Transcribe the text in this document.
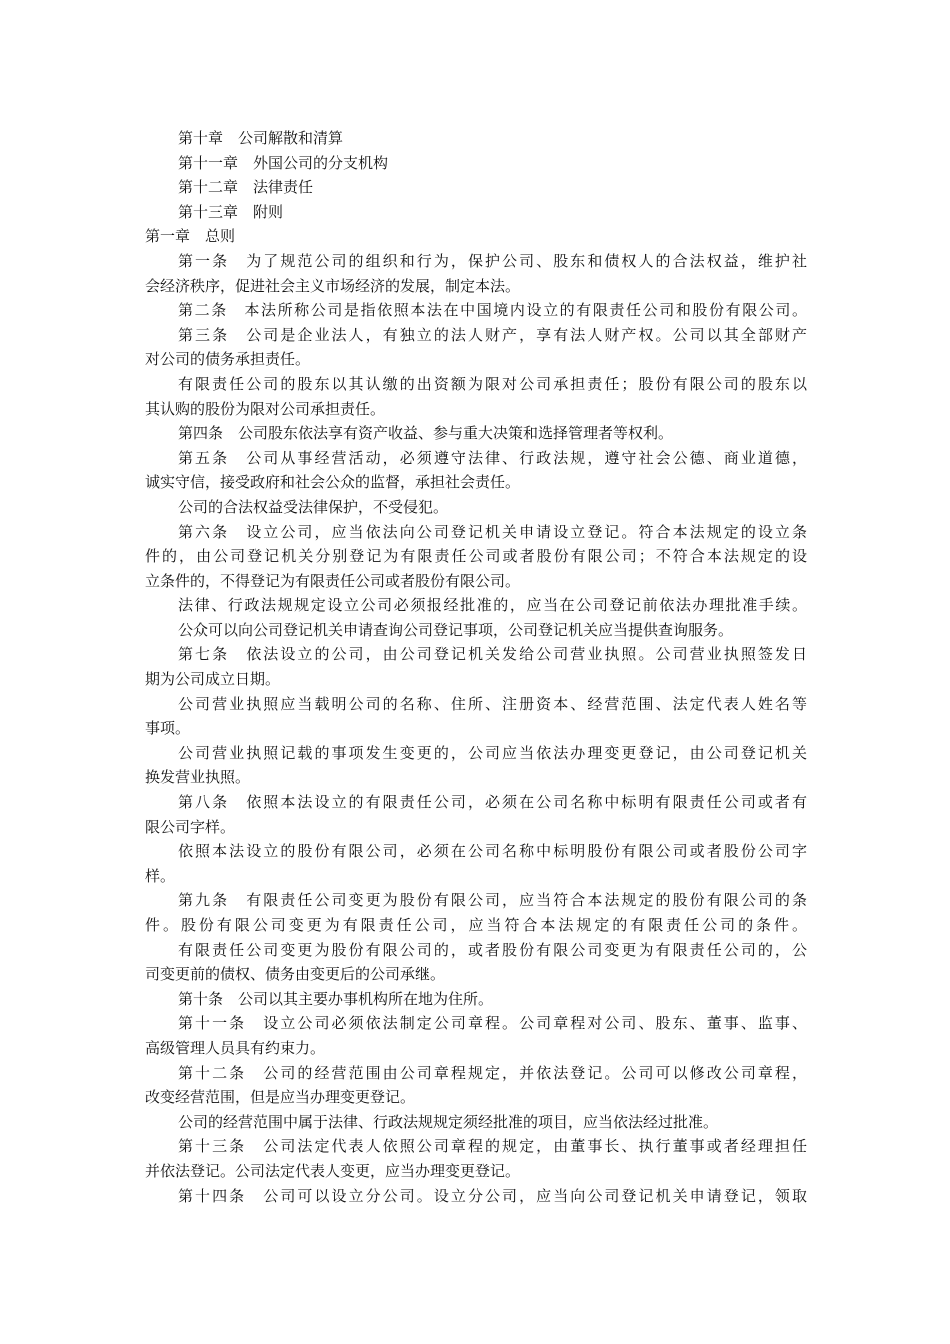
第十章　公司解散和清算
第十一章　外国公司的分支机构
第十二章　法律责任
第十三章　附则
第一章　总则
第一条　为了规范公司的组织和行为，保护公司、股东和债权人的合法权益，维护社
会经济秩序，促进社会主义市场经济的发展，制定本法。
第二条　本法所称公司是指依照本法在中国境内设立的有限责任公司和股份有限公司。
第三条　公司是企业法人，有独立的法人财产，享有法人财产权。公司以其全部财产
对公司的债务承担责任。
有限责任公司的股东以其认缴的出资额为限对公司承担责任；股份有限公司的股东以
其认购的股份为限对公司承担责任。
第四条　公司股东依法享有资产收益、参与重大决策和选择管理者等权利。
第五条　公司从事经营活动，必须遵守法律、行政法规，遵守社会公德、商业道德，
诚实守信，接受政府和社会公众的监督，承担社会责任。
公司的合法权益受法律保护，不受侵犯。
第六条　设立公司，应当依法向公司登记机关申请设立登记。符合本法规定的设立条
件的，由公司登记机关分别登记为有限责任公司或者股份有限公司；不符合本法规定的设
立条件的，不得登记为有限责任公司或者股份有限公司。
法律、行政法规规定设立公司必须报经批准的，应当在公司登记前依法办理批准手续。
公众可以向公司登记机关申请查询公司登记事项，公司登记机关应当提供查询服务。
第七条　依法设立的公司，由公司登记机关发给公司营业执照。公司营业执照签发日
期为公司成立日期。
公司营业执照应当载明公司的名称、住所、注册资本、经营范围、法定代表人姓名等
事项。
公司营业执照记载的事项发生变更的，公司应当依法办理变更登记，由公司登记机关
换发营业执照。
第八条　依照本法设立的有限责任公司，必须在公司名称中标明有限责任公司或者有
限公司字样。
依照本法设立的股份有限公司，必须在公司名称中标明股份有限公司或者股份公司字
样。
第九条　有限责任公司变更为股份有限公司，应当符合本法规定的股份有限公司的条
件。股份有限公司变更为有限责任公司，应当符合本法规定的有限责任公司的条件。
有限责任公司变更为股份有限公司的，或者股份有限公司变更为有限责任公司的，公
司变更前的债权、债务由变更后的公司承继。
第十条　公司以其主要办事机构所在地为住所。
第十一条　设立公司必须依法制定公司章程。公司章程对公司、股东、董事、监事、
高级管理人员具有约束力。
第十二条　公司的经营范围由公司章程规定，并依法登记。公司可以修改公司章程，
改变经营范围，但是应当办理变更登记。
公司的经营范围中属于法律、行政法规规定须经批准的项目，应当依法经过批准。
第十三条　公司法定代表人依照公司章程的规定，由董事长、执行董事或者经理担任
并依法登记。公司法定代表人变更，应当办理变更登记。
第十四条　公司可以设立分公司。设立分公司，应当向公司登记机关申请登记，领取
